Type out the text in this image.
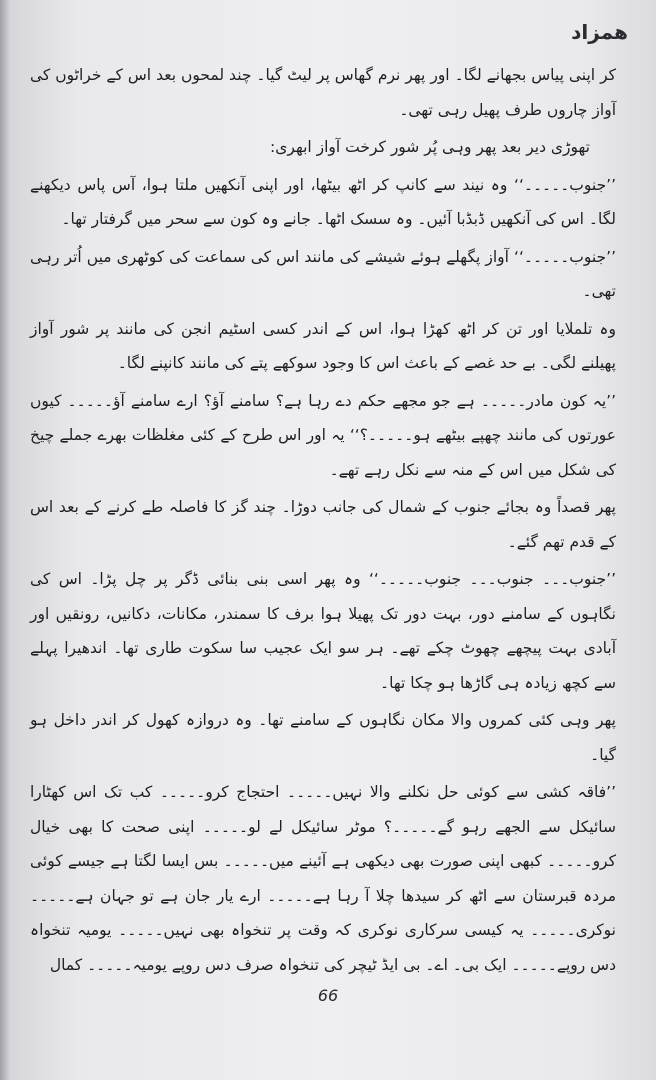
ھمزاد

کر اپنی پیاس بجھانے لگا۔ اور پھر نرم گھاس پر لیٹ گیا۔ چند لمحوں بعد اس کے خراٹوں کی آواز چاروں طرف پھیل رہی تھی۔

تھوڑی دیر بعد پھر وہی پُر شور کرخت آواز ابھری:

’’جنوب۔۔۔۔۔‘‘ وہ نیند سے کانپ کر اٹھ بیٹھا، اور اپنی آنکھیں ملتا ہوا، آس پاس دیکھنے لگا۔ اس کی آنکھیں ڈبڈبا آئیں۔ وہ سسک اٹھا۔ جانے وہ کون سے سحر میں گرفتار تھا۔

’’جنوب۔۔۔۔۔‘‘ آواز پگھلے ہوئے شیشے کی مانند اس کی سماعت کی کوٹھری میں اُتر رہی تھی۔

وہ تلملایا اور تن کر اٹھ کھڑا ہوا، اس کے اندر کسی اسٹیم انجن کی مانند پر شور آواز پھیلنے لگی۔ بے حد غصے کے باعث اس کا وجود سوکھے پتے کی مانند کانپنے لگا۔

’’یہ کون مادر۔۔۔۔۔ ہے جو مجھے حکم دے رہا ہے؟ سامنے آؤ؟ ارے سامنے آؤ۔۔۔۔۔ کیوں عورتوں کی مانند چھپے بیٹھے ہو۔۔۔۔۔؟‘‘ یہ اور اس طرح کے کئی مغلظات بھرے جملے چیخ کی شکل میں اس کے منہ سے نکل رہے تھے۔

پھر قصداً وہ بجائے جنوب کے شمال کی جانب دوڑا۔ چند گز کا فاصلہ طے کرنے کے بعد اس کے قدم تھم گئے۔

’’جنوب۔۔۔ جنوب۔۔۔ جنوب۔۔۔۔۔‘‘ وہ پھر اسی بنی بنائی ڈگر پر چل پڑا۔ اس کی نگاہوں کے سامنے دور، بہت دور تک پھیلا ہوا برف کا سمندر، مکانات، دکانیں، رونقیں اور آبادی بہت پیچھے چھوٹ چکے تھے۔ ہر سو ایک عجیب سا سکوت طاری تھا۔ اندھیرا پہلے سے کچھ زیادہ ہی گاڑھا ہو چکا تھا۔

پھر وہی کئی کمروں والا مکان نگاہوں کے سامنے تھا۔ وہ دروازہ کھول کر اندر داخل ہو گیا۔

’’فاقہ کشی سے کوئی حل نکلنے والا نہیں۔۔۔۔۔ احتجاج کرو۔۔۔۔۔ کب تک اس کھٹارا سائیکل سے الجھے رہو گے۔۔۔۔۔؟ موٹر سائیکل لے لو۔۔۔۔۔ اپنی صحت کا بھی خیال کرو۔۔۔۔۔ کبھی اپنی صورت بھی دیکھی ہے آئینے میں۔۔۔۔۔ بس ایسا لگتا ہے جیسے کوئی مردہ قبرستان سے اٹھ کر سیدھا چلا آ رہا ہے۔۔۔۔۔ ارے یار جان ہے تو جہان ہے۔۔۔۔۔ نوکری۔۔۔۔۔ یہ کیسی سرکاری نوکری کہ وقت پر تنخواہ بھی نہیں۔۔۔۔۔ یومیہ تنخواہ دس روپے۔۔۔۔۔ ایک بی۔ اے۔ بی ایڈ ٹیچر کی تنخواہ صرف دس روپے یومیہ۔۔۔۔۔ کمال

66
